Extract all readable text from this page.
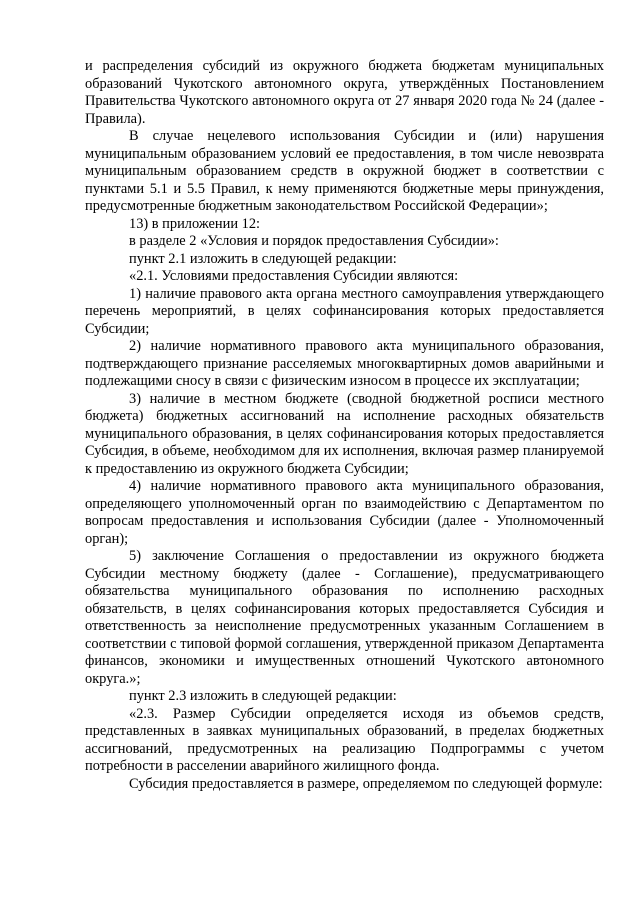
и распределения субсидий из окружного бюджета бюджетам муниципальных образований Чукотского автономного округа, утверждённых Постановлением Правительства Чукотского автономного округа от 27 января 2020 года № 24 (далее - Правила).

В случае нецелевого использования Субсидии и (или) нарушения муниципальным образованием условий ее предоставления, в том числе невозврата муниципальным образованием средств в окружной бюджет в соответствии с пунктами 5.1 и 5.5 Правил, к нему применяются бюджетные меры принуждения, предусмотренные бюджетным законодательством Российской Федерации»;

13) в приложении 12:

в разделе 2 «Условия и порядок предоставления Субсидии»:

пункт 2.1 изложить в следующей редакции:

«2.1. Условиями предоставления Субсидии являются:

1) наличие правового акта органа местного самоуправления утверждающего перечень мероприятий, в целях софинансирования которых предоставляется Субсидии;

2) наличие нормативного правового акта муниципального образования, подтверждающего признание расселяемых многоквартирных домов аварийными и подлежащими сносу в связи с физическим износом в процессе их эксплуатации;

3) наличие в местном бюджете (сводной бюджетной росписи местного бюджета) бюджетных ассигнований на исполнение расходных обязательств муниципального образования, в целях софинансирования которых предоставляется Субсидия, в объеме, необходимом для их исполнения, включая размер планируемой к предоставлению из окружного бюджета Субсидии;

4) наличие нормативного правового акта муниципального образования, определяющего уполномоченный орган по взаимодействию с Департаментом по вопросам предоставления и использования Субсидии (далее - Уполномоченный орган);

5) заключение Соглашения о предоставлении из окружного бюджета Субсидии местному бюджету (далее - Соглашение), предусматривающего обязательства муниципального образования по исполнению расходных обязательств, в целях софинансирования которых предоставляется Субсидия и ответственность за неисполнение предусмотренных указанным Соглашением в соответствии с типовой формой соглашения, утвержденной приказом Департамента финансов, экономики и имущественных отношений Чукотского автономного округа.»;

пункт 2.3 изложить в следующей редакции:

«2.3. Размер Субсидии определяется исходя из объемов средств, представленных в заявках муниципальных образований, в пределах бюджетных ассигнований, предусмотренных на реализацию Подпрограммы с учетом потребности в расселении аварийного жилищного фонда.

Субсидия предоставляется в размере, определяемом по следующей формуле:
